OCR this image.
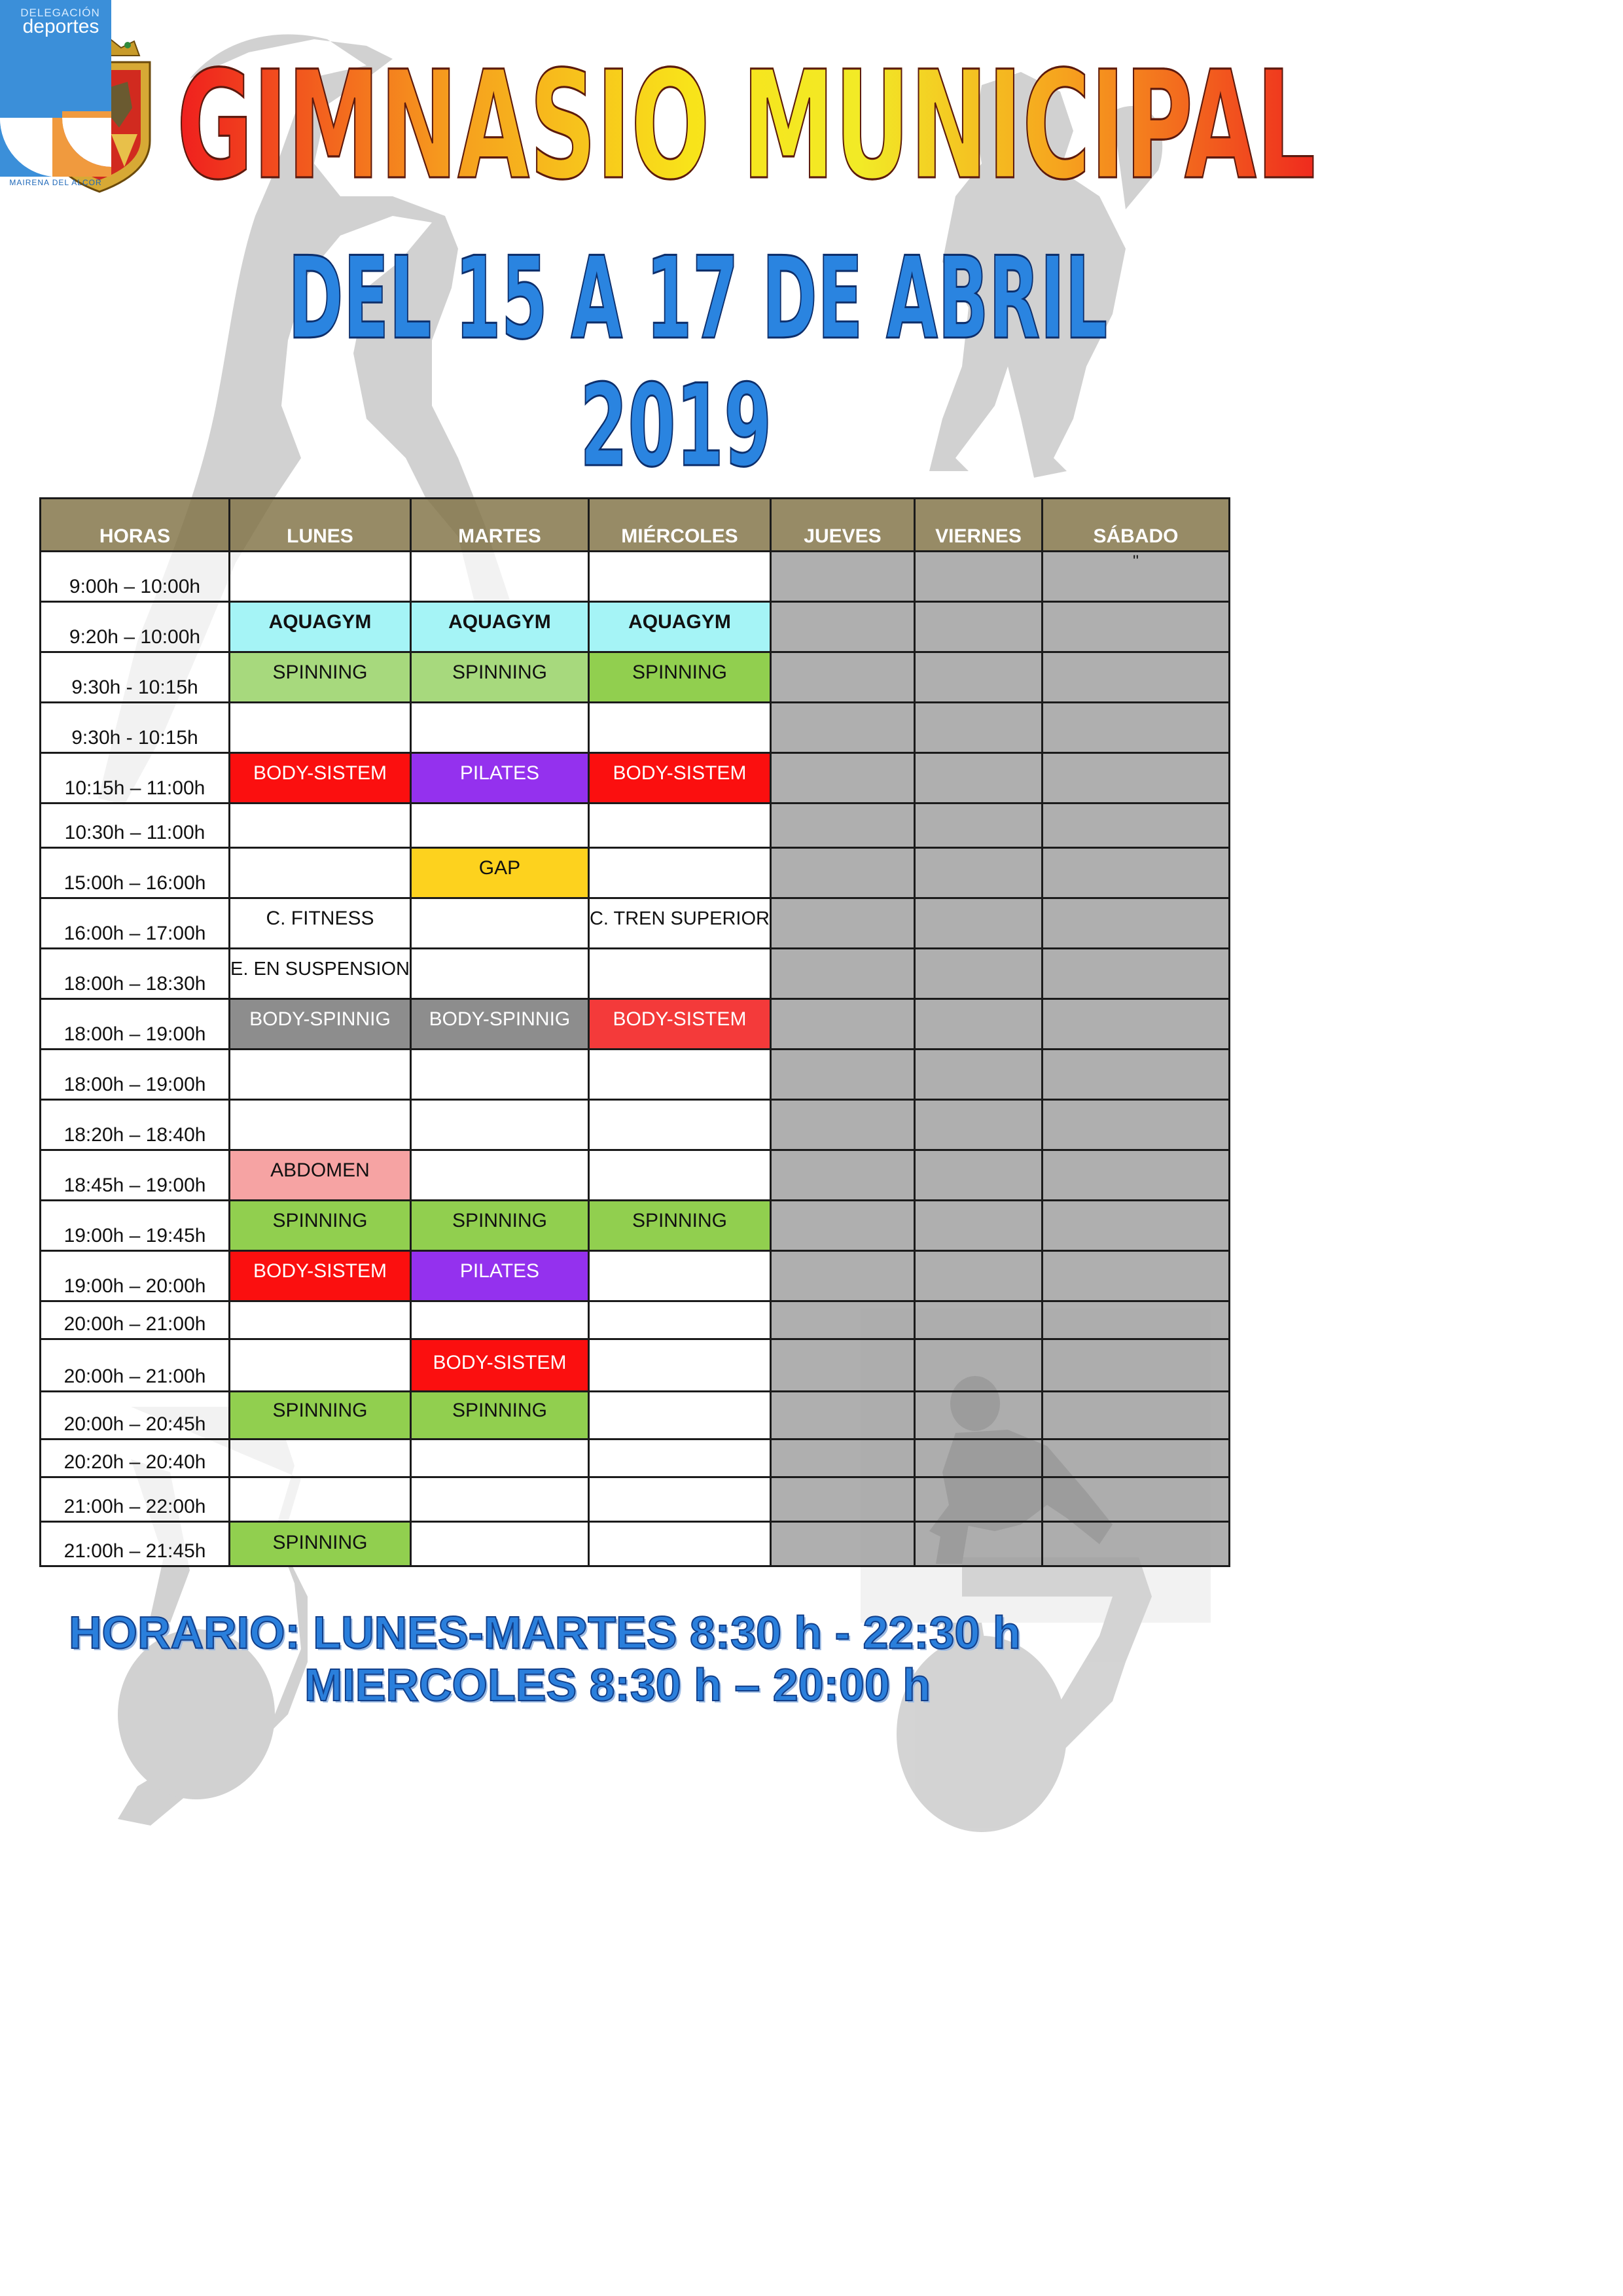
DELEGACIÓN
deportes
MAIRENA DEL ALCOR GIMNASIO MUNICIPAL
DEL 15 A 17 DE ABRIL
2019
HORAS	LUNES	MARTES	MIÉRCOLES	JUEVES	VIERNES	SÁBADO
9:00h – 10:00h						''
9:20h – 10:00h	AQUAGYM	AQUAGYM	AQUAGYM			
9:30h - 10:15h	SPINNING	SPINNING	SPINNING			
9:30h - 10:15h						
10:15h – 11:00h	BODY-SISTEM	PILATES	BODY-SISTEM			
10:30h – 11:00h						
15:00h – 16:00h		GAP				
16:00h – 17:00h	C. FITNESS		C. TREN SUPERIOR			
18:00h – 18:30h	E. EN SUSPENSION					
18:00h – 19:00h	BODY-SPINNIG	BODY-SPINNIG	BODY-SISTEM			
18:00h – 19:00h						
18:20h – 18:40h						
18:45h – 19:00h	ABDOMEN					
19:00h – 19:45h	SPINNING	SPINNING	SPINNING			
19:00h – 20:00h	BODY-SISTEM	PILATES				
20:00h – 21:00h						
20:00h – 21:00h		BODY-SISTEM				
20:00h – 20:45h	SPINNING	SPINNING				
20:20h – 20:40h						
21:00h – 22:00h						
21:00h – 21:45h	SPINNING					
HORARIO: LUNES-MARTES 8:30 h - 22:30 h
MIERCOLES 8:30 h – 20:00 h
